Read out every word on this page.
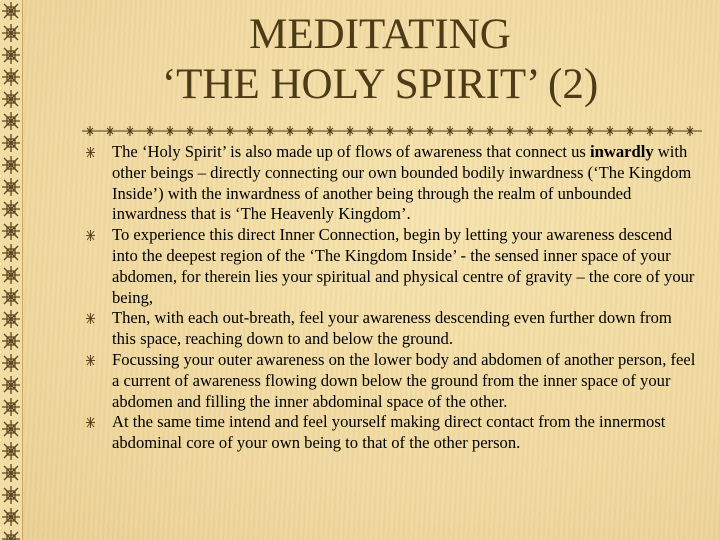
MEDITATING
‘THE HOLY SPIRIT’ (2)
The ‘Holy Spirit’ is also made up of flows of awareness that connect us inwardly with other beings – directly connecting our own bounded bodily inwardness (‘The Kingdom Inside’) with the inwardness of another being through the realm of unbounded inwardness that is ‘The Heavenly Kingdom’.
To experience this direct Inner Connection, begin by letting your awareness descend into the deepest region of the ‘The Kingdom Inside’ - the sensed inner space of your abdomen, for therein lies your spiritual and physical centre of gravity – the core of your being,
Then, with each out-breath, feel your awareness descending even further down from this space, reaching down to and below the ground.
Focussing your outer awareness on the lower body and abdomen of another person, feel a current of awareness flowing down below the ground from the inner space of your abdomen and filling the inner abdominal space of the other.
At the same time intend and feel yourself making direct contact from the innermost abdominal core of your own being to that of the other person.
